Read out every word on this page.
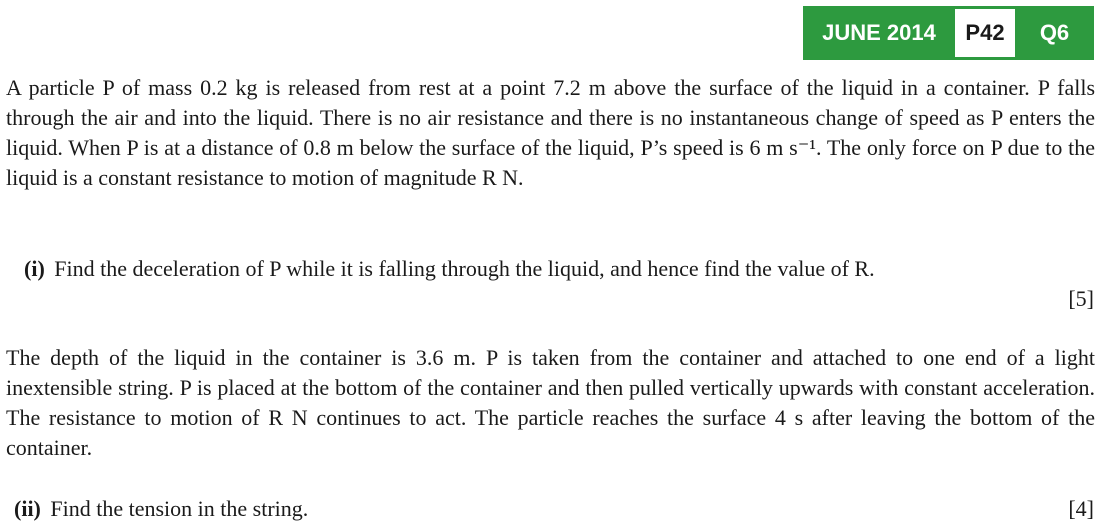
JUNE 2014	P42	Q6

A particle P of mass 0.2 kg is released from rest at a point 7.2 m above the surface of the liquid in a container. P falls through the air and into the liquid. There is no air resistance and there is no instantaneous change of speed as P enters the liquid. When P is at a distance of 0.8 m below the surface of the liquid, P’s speed is 6 m s⁻¹. The only force on P due to the liquid is a constant resistance to motion of magnitude R N.

(i) Find the deceleration of P while it is falling through the liquid, and hence find the value of R.

[5]

The depth of the liquid in the container is 3.6 m. P is taken from the container and attached to one end of a light inextensible string. P is placed at the bottom of the container and then pulled vertically upwards with constant acceleration. The resistance to motion of R N continues to act. The particle reaches the surface 4 s after leaving the bottom of the container.

(ii) Find the tension in the string.	[4]
